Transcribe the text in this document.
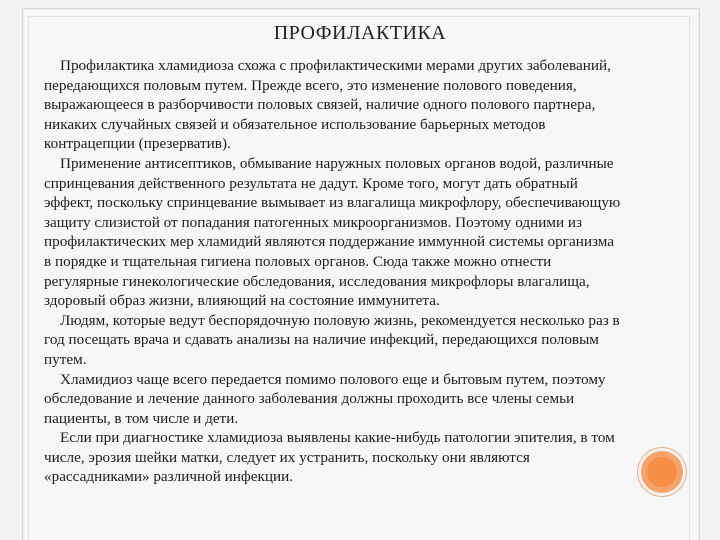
ПРОФИЛАКТИКА

Профилактика хламидиоза схожа с профилактическими мерами других заболеваний, передающихся половым путем. Прежде всего, это изменение полового поведения, выражающееся в разборчивости половых связей, наличие одного полового партнера, никаких случайных связей и обязательное использование барьерных методов контрацепции (презерватив).

Применение антисептиков, обмывание наружных половых органов водой, различные спринцевания действенного результата не дадут. Кроме того, могут дать обратный эффект, поскольку спринцевание вымывает из влагалища микрофлору, обеспечивающую защиту слизистой от попадания патогенных микроорганизмов. Поэтому одними из профилактических мер хламидий являются поддержание иммунной системы организма в порядке и тщательная гигиена половых органов. Сюда также можно отнести регулярные гинекологические обследования, исследования микрофлоры влагалища, здоровый образ жизни, влияющий на состояние иммунитета.

Людям, которые ведут беспорядочную половую жизнь, рекомендуется несколько раз в год посещать врача и сдавать анализы на наличие инфекций, передающихся половым путем.

Хламидиоз чаще всего передается помимо полового еще и бытовым путем, поэтому обследование и лечение данного заболевания должны проходить все члены семьи пациенты, в том числе и дети.

Если при диагностике хламидиоза выявлены какие-нибудь патологии эпителия, в том числе, эрозия шейки матки, следует их устранить, поскольку они являются «рассадниками» различной инфекции.
